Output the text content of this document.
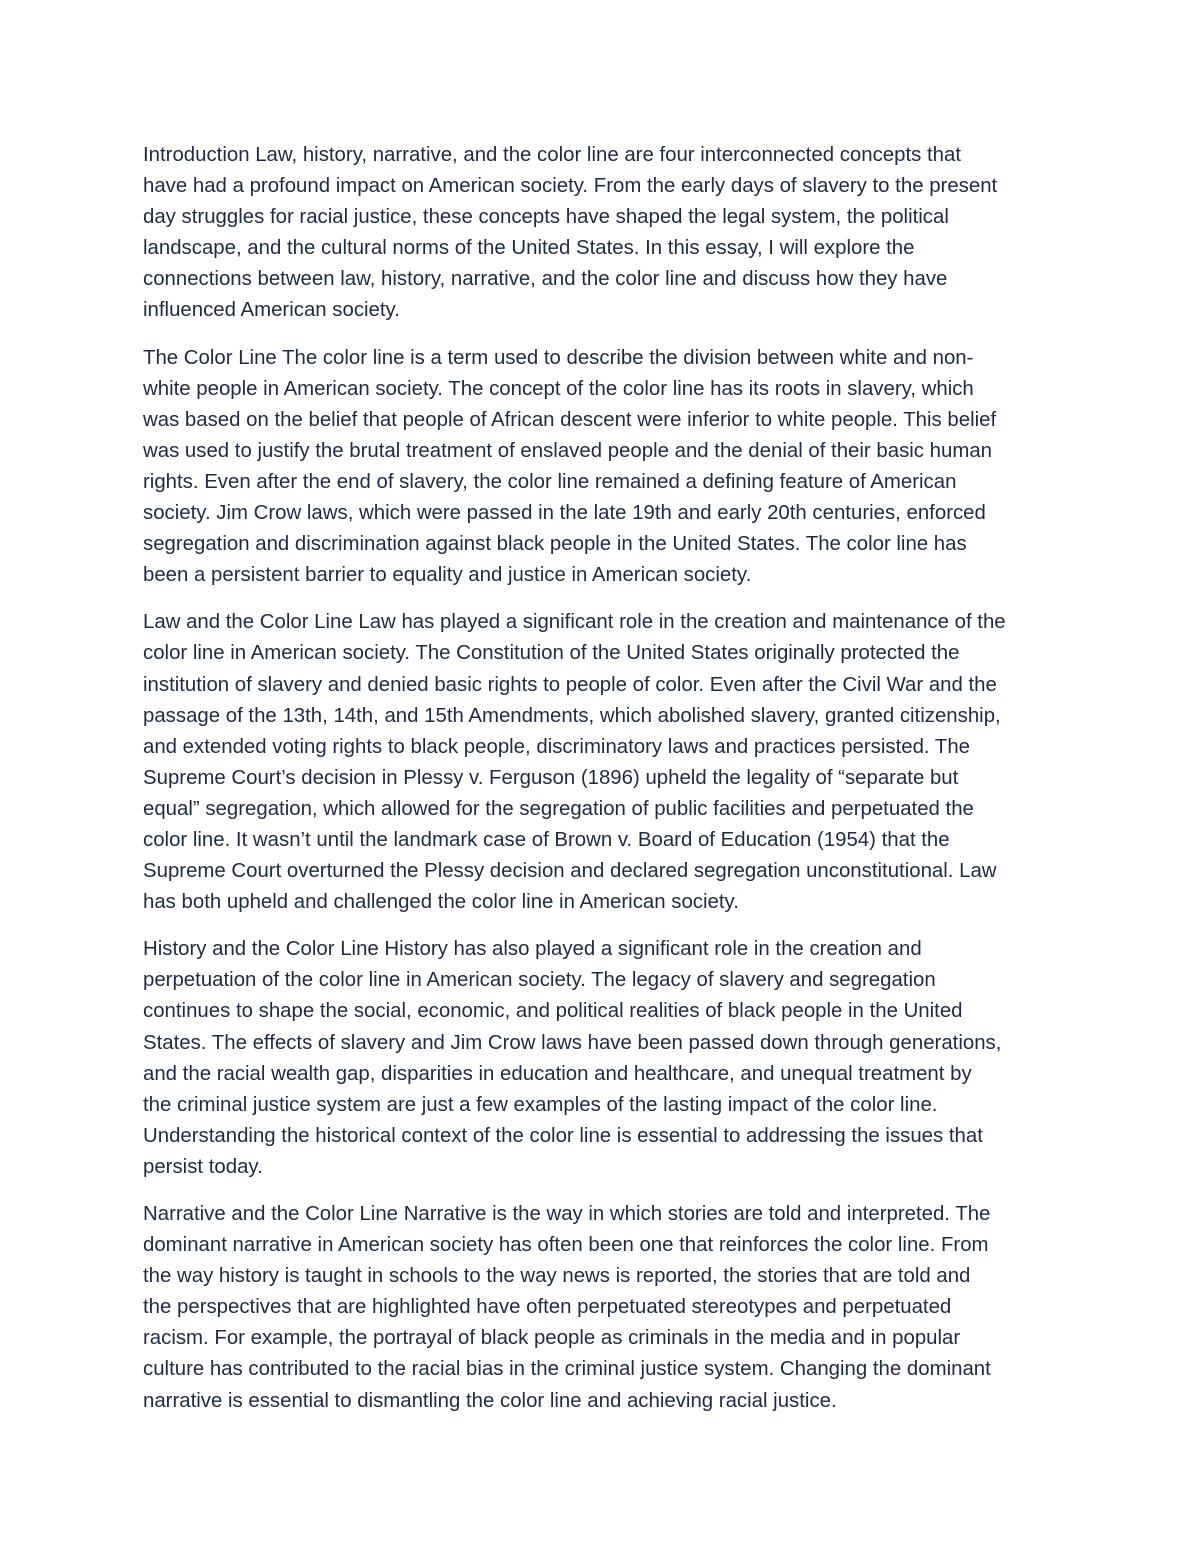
Introduction Law, history, narrative, and the color line are four interconnected concepts that
have had a profound impact on American society. From the early days of slavery to the present
day struggles for racial justice, these concepts have shaped the legal system, the political
landscape, and the cultural norms of the United States. In this essay, I will explore the
connections between law, history, narrative, and the color line and discuss how they have
influenced American society.

The Color Line The color line is a term used to describe the division between white and non-
white people in American society. The concept of the color line has its roots in slavery, which
was based on the belief that people of African descent were inferior to white people. This belief
was used to justify the brutal treatment of enslaved people and the denial of their basic human
rights. Even after the end of slavery, the color line remained a defining feature of American
society. Jim Crow laws, which were passed in the late 19th and early 20th centuries, enforced
segregation and discrimination against black people in the United States. The color line has
been a persistent barrier to equality and justice in American society.

Law and the Color Line Law has played a significant role in the creation and maintenance of the
color line in American society. The Constitution of the United States originally protected the
institution of slavery and denied basic rights to people of color. Even after the Civil War and the
passage of the 13th, 14th, and 15th Amendments, which abolished slavery, granted citizenship,
and extended voting rights to black people, discriminatory laws and practices persisted. The
Supreme Court’s decision in Plessy v. Ferguson (1896) upheld the legality of “separate but
equal” segregation, which allowed for the segregation of public facilities and perpetuated the
color line. It wasn’t until the landmark case of Brown v. Board of Education (1954) that the
Supreme Court overturned the Plessy decision and declared segregation unconstitutional. Law
has both upheld and challenged the color line in American society.

History and the Color Line History has also played a significant role in the creation and
perpetuation of the color line in American society. The legacy of slavery and segregation
continues to shape the social, economic, and political realities of black people in the United
States. The effects of slavery and Jim Crow laws have been passed down through generations,
and the racial wealth gap, disparities in education and healthcare, and unequal treatment by
the criminal justice system are just a few examples of the lasting impact of the color line.
Understanding the historical context of the color line is essential to addressing the issues that
persist today.

Narrative and the Color Line Narrative is the way in which stories are told and interpreted. The
dominant narrative in American society has often been one that reinforces the color line. From
the way history is taught in schools to the way news is reported, the stories that are told and
the perspectives that are highlighted have often perpetuated stereotypes and perpetuated
racism. For example, the portrayal of black people as criminals in the media and in popular
culture has contributed to the racial bias in the criminal justice system. Changing the dominant
narrative is essential to dismantling the color line and achieving racial justice.
